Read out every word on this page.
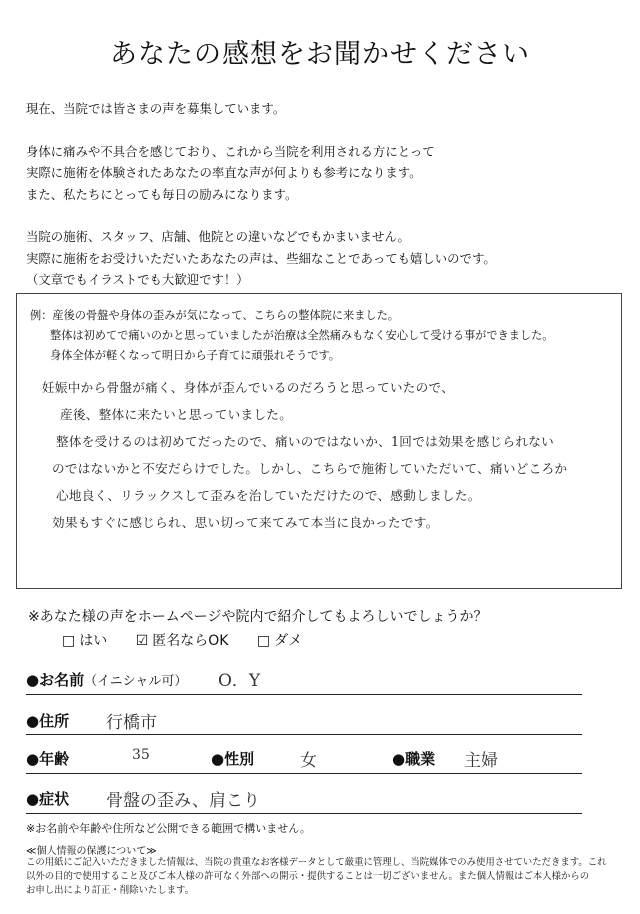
あなたの感想をお聞かせください

現在、当院では皆さまの声を募集しています。

身体に痛みや不具合を感じており、これから当院を利用される方にとって
実際に施術を体験されたあなたの率直な声が何よりも参考になります。
また、私たちにとっても毎日の励みになります。

当院の施術、スタッフ、店舗、他院との違いなどでもかまいません。
実際に施術をお受けいただいたあなたの声は、些細なことであっても嬉しいのです。
（文章でもイラストでも大歓迎です！）

例：産後の骨盤や身体の歪みが気になって、こちらの整体院に来ました。
整体は初めてで痛いのかと思っていましたが治療は全然痛みもなく安心して受ける事ができました。
身体全体が軽くなって明日から子育てに頑張れそうです。
妊娠中から骨盤が痛く、身体が歪んでいるのだろうと思っていたので、
産後、整体に来たいと思っていました。
整体を受けるのは初めてだったので、痛いのではないか、1回では効果を感じられない
のではないかと不安だらけでした。しかし、こちらで施術していただいて、痛いどころか
心地良く、リラックスして歪みを治していただけたので、感動しました。
効果もすぐに感じられ、思い切って来てみて本当に良かったです。
※あなた様の声をホームページや院内で紹介してもよろしいでしょうか？
□ はい ☑ 匿名ならOK □ ダメ
●お名前（イニシャル可） O．Y
●住所 行橋市
●年齢	35	●性別	女	●職業 主婦
●症状 骨盤の歪み、肩こり
※お名前や年齢や住所など公開できる範囲で構いません。
≪個人情報の保護について≫
この用紙にご記入いただきました情報は、当院の貴重なお客様データとして厳重に管理し、当院媒体でのみ使用させていただきます。これ
以外の目的で使用すること及びご本人様の許可なく外部への開示・提供することは一切ございません。また個人情報はご本人様からの
お申し出により訂正・削除いたします。
